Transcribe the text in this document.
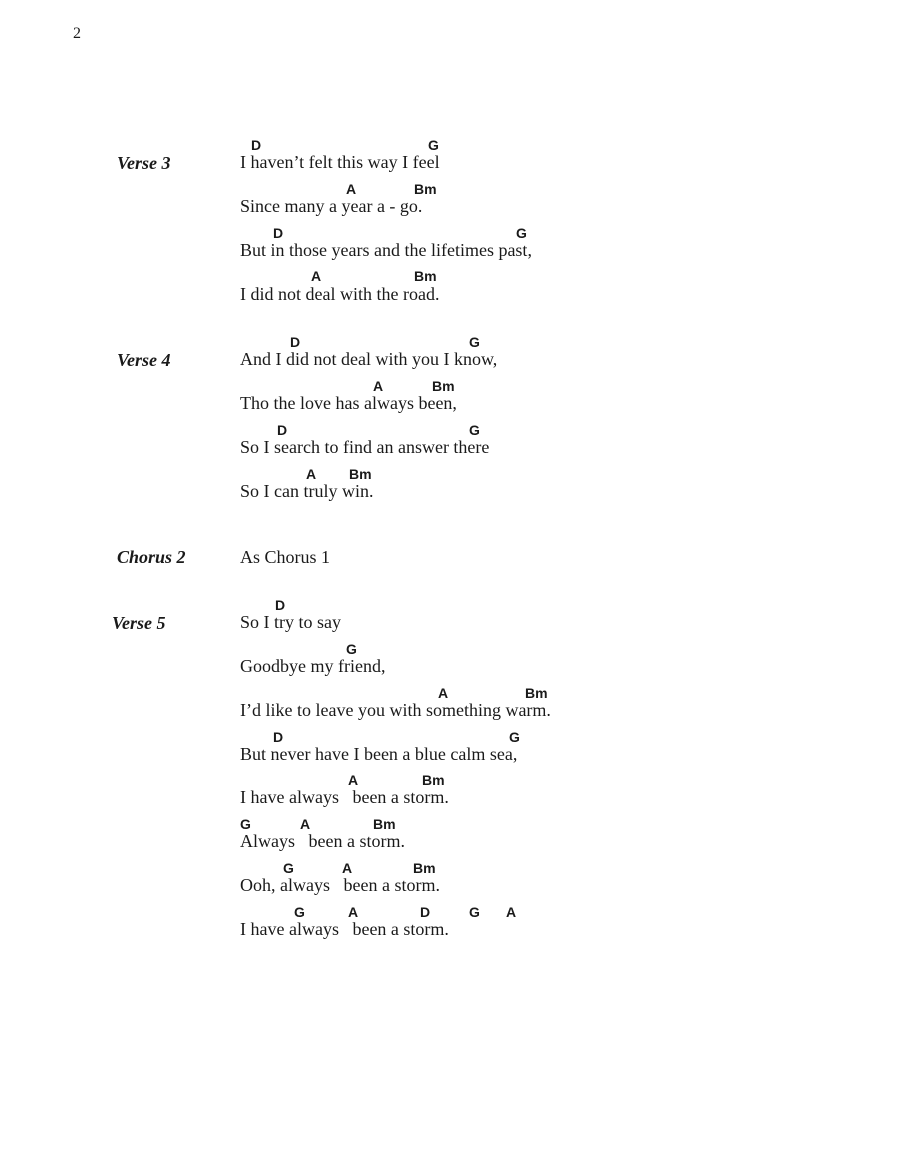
2
Verse 3
D	G
I haven’t felt this way I feel
A	Bm
Since many a year a - go.
D	G
But in those years and the lifetimes past,
A	Bm
I did not deal with the road.
Verse 4
D	G
And I did not deal with you I know,
A	Bm
Tho the love has always been,
D	G
So I search to find an answer there
A Bm
So I can truly win.
Chorus 2	As Chorus 1
Verse 5
D
So I try to say
G
Goodbye my friend,
A	Bm
I’d like to leave you with something warm.
D	G
But never have I been a blue calm sea,
A	Bm
I have always   been a storm.
G	A	Bm
Always   been a storm.
G	A	Bm
Ooh, always   been a storm.
G	A	D	G A
I have always   been a storm.
